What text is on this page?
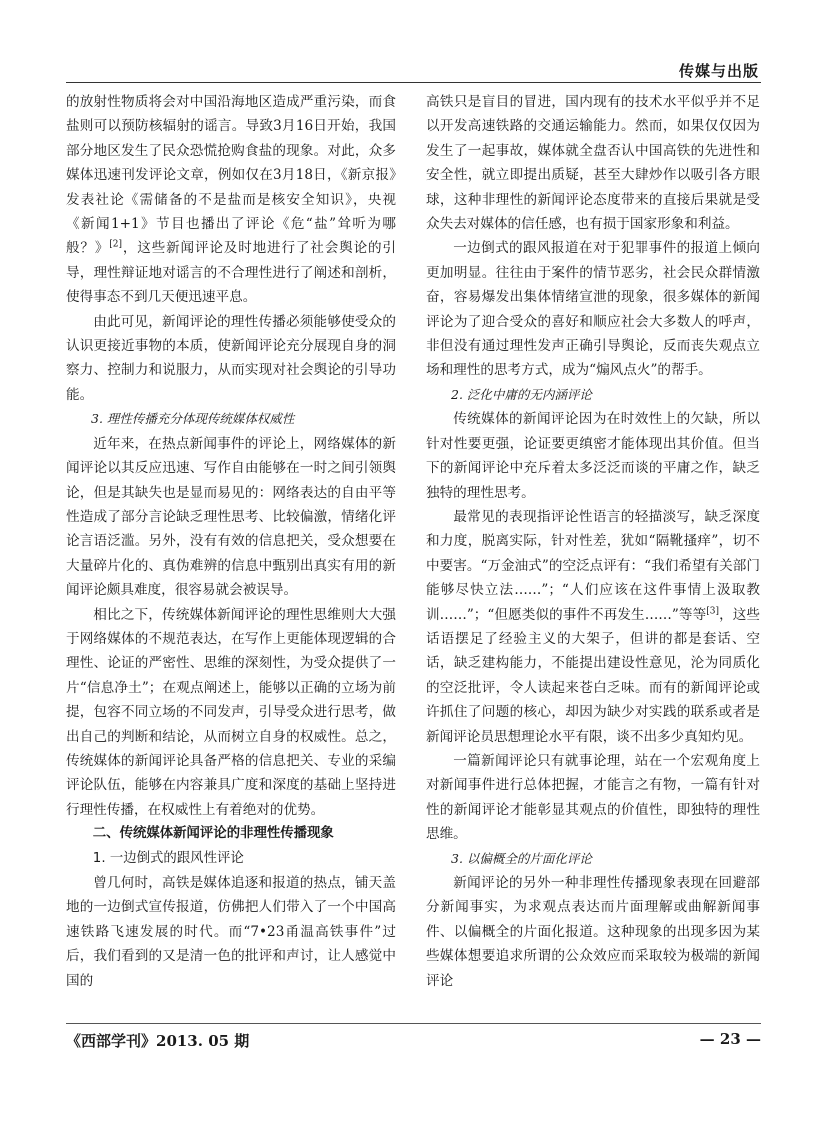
传媒与出版

的放射性物质将会对中国沿海地区造成严重污染，而食盐则可以预防核辐射的谣言。导致3月16日开始，我国部分地区发生了民众恐慌抢购食盐的现象。对此，众多媒体迅速刊发评论文章，例如仅在3月18日，《新京报》发表社论《需储备的不是盐而是核安全知识》，央视《新闻1+1》节目也播出了评论《危“盐”耸听为哪般？》[2]，这些新闻评论及时地进行了社会舆论的引导，理性辩证地对谣言的不合理性进行了阐述和剖析，使得事态不到几天便迅速平息。

由此可见，新闻评论的理性传播必须能够使受众的认识更接近事物的本质，使新闻评论充分展现自身的洞察力、控制力和说服力，从而实现对社会舆论的引导功能。

3. 理性传播充分体现传统媒体权威性

近年来，在热点新闻事件的评论上，网络媒体的新闻评论以其反应迅速、写作自由能够在一时之间引领舆论，但是其缺失也是显而易见的：网络表达的自由平等性造成了部分言论缺乏理性思考、比较偏激，情绪化评论言语泛滥。另外，没有有效的信息把关，受众想要在大量碎片化的、真伪难辨的信息中甄别出真实有用的新闻评论颇具难度，很容易就会被误导。

相比之下，传统媒体新闻评论的理性思维则大大强于网络媒体的不规范表达，在写作上更能体现逻辑的合理性、论证的严密性、思维的深刻性，为受众提供了一片“信息净土”；在观点阐述上，能够以正确的立场为前提，包容不同立场的不同发声，引导受众进行思考，做出自己的判断和结论，从而树立自身的权威性。总之，传统媒体的新闻评论具备严格的信息把关、专业的采编评论队伍，能够在内容兼具广度和深度的基础上坚持进行理性传播，在权威性上有着绝对的优势。

二、传统媒体新闻评论的非理性传播现象

1. 一边倒式的跟风性评论

曾几何时，高铁是媒体追逐和报道的热点，铺天盖地的一边倒式宣传报道，仿佛把人们带入了一个中国高速铁路飞速发展的时代。而“7•23甬温高铁事件”过后，我们看到的又是清一色的批评和声讨，让人感觉中国的

高铁只是盲目的冒进，国内现有的技术水平似乎并不足以开发高速铁路的交通运输能力。然而，如果仅仅因为发生了一起事故，媒体就全盘否认中国高铁的先进性和安全性，就立即提出质疑，甚至大肆炒作以吸引各方眼球，这种非理性的新闻评论态度带来的直接后果就是受众失去对媒体的信任感，也有损于国家形象和利益。

一边倒式的跟风报道在对于犯罪事件的报道上倾向更加明显。往往由于案件的情节恶劣，社会民众群情激奋，容易爆发出集体情绪宣泄的现象，很多媒体的新闻评论为了迎合受众的喜好和顺应社会大多数人的呼声，非但没有通过理性发声正确引导舆论，反而丧失观点立场和理性的思考方式，成为“煽风点火”的帮手。

2. 泛化中庸的无内涵评论

传统媒体的新闻评论因为在时效性上的欠缺，所以针对性要更强，论证要更缜密才能体现出其价值。但当下的新闻评论中充斥着太多泛泛而谈的平庸之作，缺乏独特的理性思考。

最常见的表现指评论性语言的轻描淡写，缺乏深度和力度，脱离实际，针对性差，犹如“隔靴搔痒”，切不中要害。“万金油式”的空泛点评有：“我们希望有关部门能够尽快立法……”；“人们应该在这件事情上汲取教训……”；“但愿类似的事件不再发生……”等等[3]，这些话语摆足了经验主义的大架子，但讲的都是套话、空话，缺乏建构能力，不能提出建设性意见，沦为同质化的空泛批评，令人读起来苍白乏味。而有的新闻评论或许抓住了问题的核心，却因为缺少对实践的联系或者是新闻评论员思想理论水平有限，谈不出多少真知灼见。

一篇新闻评论只有就事论理，站在一个宏观角度上对新闻事件进行总体把握，才能言之有物，一篇有针对性的新闻评论才能彰显其观点的价值性，即独特的理性思维。

3. 以偏概全的片面化评论

新闻评论的另外一种非理性传播现象表现在回避部分新闻事实，为求观点表达而片面理解或曲解新闻事件、以偏概全的片面化报道。这种现象的出现多因为某些媒体想要追求所谓的公众效应而采取较为极端的新闻评论

《西部学刊》2013. 05 期	— 23 —
